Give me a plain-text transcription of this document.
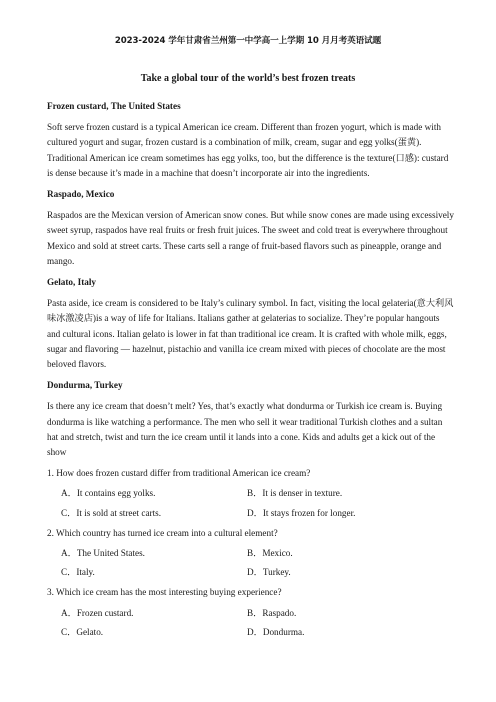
2023-2024 学年甘肃省兰州第一中学高一上学期 10 月月考英语试题
Take a global tour of the world’s best frozen treats

Frozen custard, The United States

Soft serve frozen custard is a typical American ice cream. Different than frozen yogurt, which is made with cultured yogurt and sugar, frozen custard is a combination of milk, cream, sugar and egg yolks(蛋黄). Traditional American ice cream sometimes has egg yolks, too, but the difference is the texture(口感): custard is dense because it’s made in a machine that doesn’t incorporate air into the ingredients.

Raspado, Mexico

Raspados are the Mexican version of American snow cones. But while snow cones are made using excessively sweet syrup, raspados have real fruits or fresh fruit juices. The sweet and cold treat is everywhere throughout Mexico and sold at street carts. These carts sell a range of fruit-based flavors such as pineapple, orange and mango.

Gelato, Italy

Pasta aside, ice cream is considered to be Italy’s culinary symbol. In fact, visiting the local gelateria(意大利风味冰激凌店)is a way of life for Italians. Italians gather at gelaterias to socialize. They’re popular hangouts and cultural icons. Italian gelato is lower in fat than traditional ice cream. It is crafted with whole milk, eggs, sugar and flavoring — hazelnut, pistachio and vanilla ice cream mixed with pieces of chocolate are the most beloved flavors.

Dondurma, Turkey

Is there any ice cream that doesn’t melt? Yes, that’s exactly what dondurma or Turkish ice cream is. Buying dondurma is like watching a performance. The men who sell it wear traditional Turkish clothes and a sultan hat and stretch, twist and turn the ice cream until it lands into a cone. Kids and adults get a kick out of the show

1. How does frozen custard differ from traditional American ice cream?

A．It contains egg yolks.	B．It is denser in texture.
C．It is sold at street carts.	D．It stays frozen for longer.

2. Which country has turned ice cream into a cultural element?

A．The United States.	B．Mexico.
C．Italy.	D．Turkey.

3. Which ice cream has the most interesting buying experience?

A．Frozen custard.	B．Raspado.
C．Gelato.	D．Dondurma.
